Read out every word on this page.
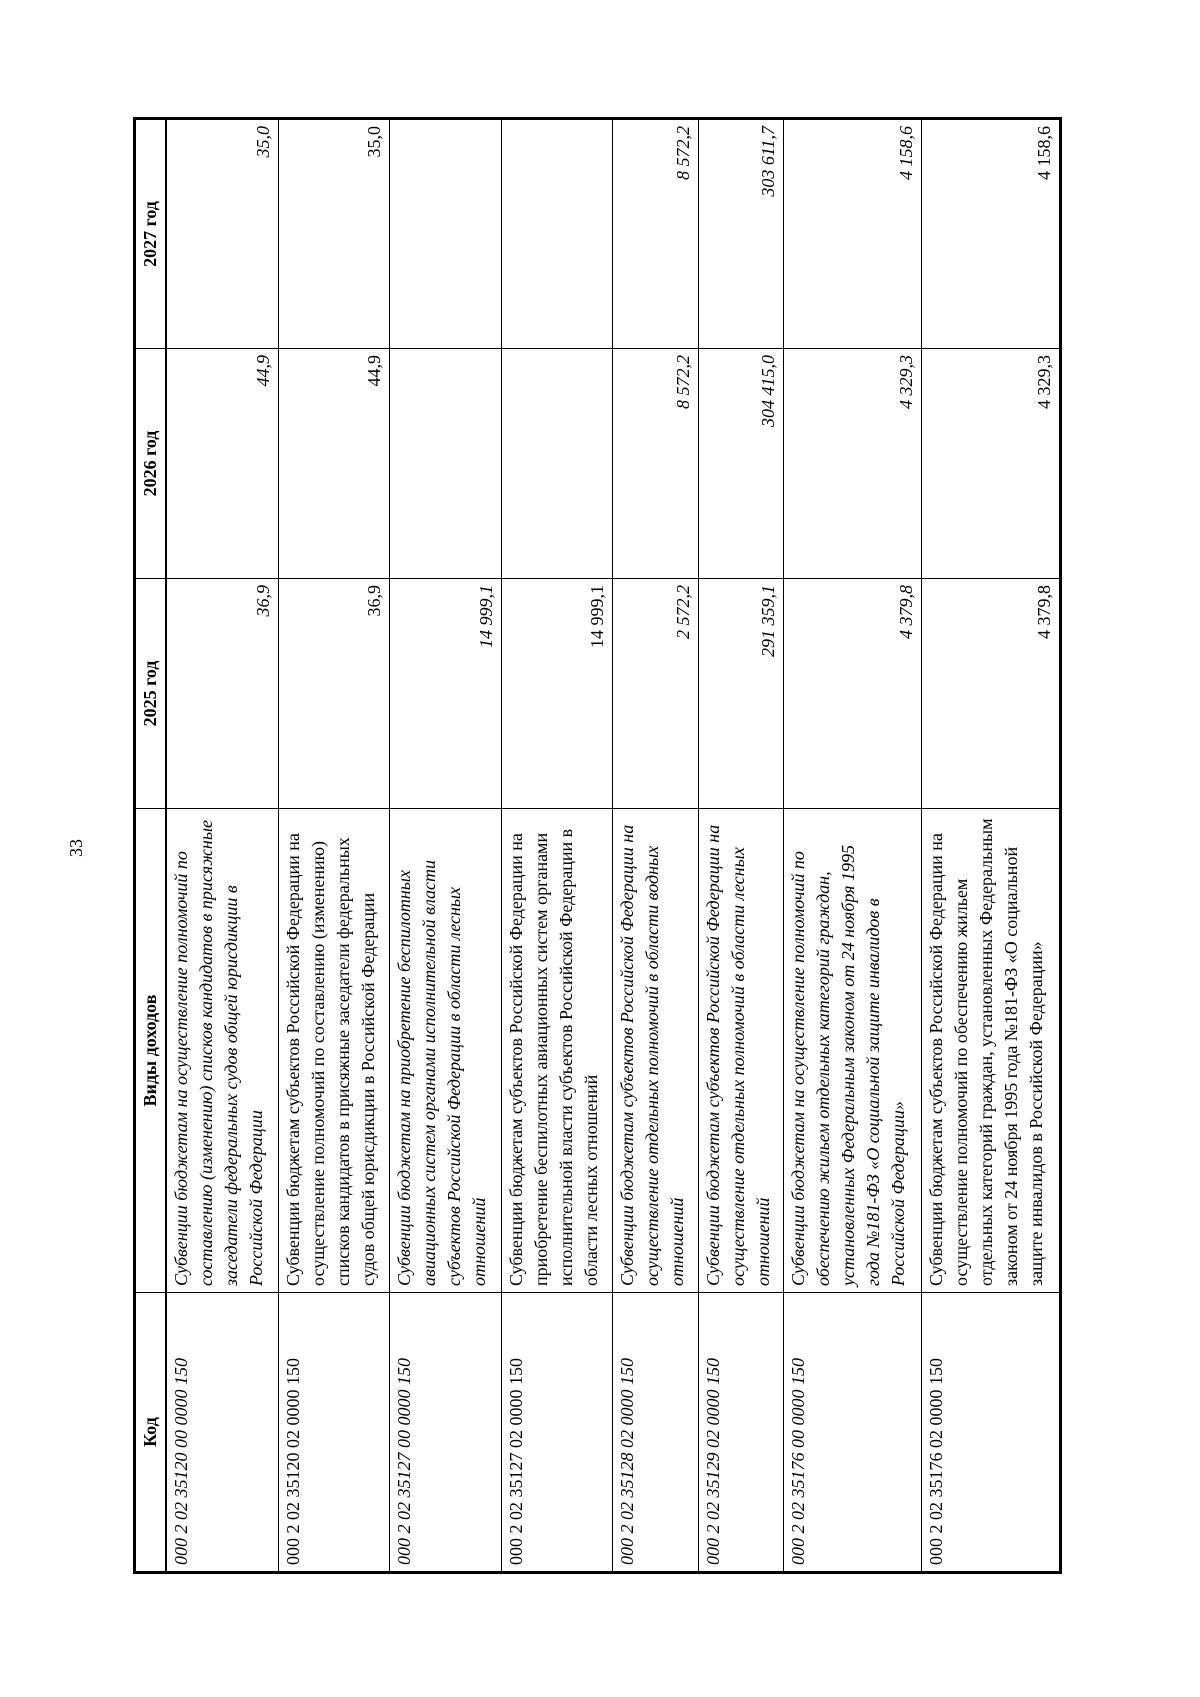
33
Код	Виды доходов	2025 год	2026 год	2027 год
000 2 02 35120 00 0000 150	Субвенции бюджетам на осуществление полномочий по составлению (изменению) списков кандидатов в присяжные заседатели федеральных судов общей юрисдикции в Российской Федерации	36,9	44,9	35,0
000 2 02 35120 02 0000 150	Субвенции бюджетам субъектов Российской Федерации на осуществление полномочий по составлению (изменению) списков кандидатов в присяжные заседатели федеральных судов общей юрисдикции в Российской Федерации	36,9	44,9	35,0
000 2 02 35127 00 0000 150	Субвенции бюджетам на приобретение беспилотных авиационных систем органами исполнительной власти субъектов Российской Федерации в области лесных отношений	14 999,1		
000 2 02 35127 02 0000 150	Субвенции бюджетам субъектов Российской Федерации на приобретение беспилотных авиационных систем органами исполнительной власти субъектов Российской Федерации в области лесных отношений	14 999,1		
000 2 02 35128 02 0000 150	Субвенции бюджетам субъектов Российской Федерации на осуществление отдельных полномочий в области водных отношений	2 572,2	8 572,2	8 572,2
000 2 02 35129 02 0000 150	Субвенции бюджетам субъектов Российской Федерации на осуществление отдельных полномочий в области лесных отношений	291 359,1	304 415,0	303 611,7
000 2 02 35176 00 0000 150	Субвенции бюджетам на осуществление полномочий по обеспечению жильем отдельных категорий граждан, установленных Федеральным законом от 24 ноября 1995 года №181-ФЗ «О социальной защите инвалидов в Российской Федерации»	4 379,8	4 329,3	4 158,6
000 2 02 35176 02 0000 150	Субвенции бюджетам субъектов Российской Федерации на осуществление полномочий по обеспечению жильем отдельных категорий граждан, установленных Федеральным законом от 24 ноября 1995 года №181-ФЗ «О социальной защите инвалидов в Российской Федерации»	4 379,8	4 329,3	4 158,6
